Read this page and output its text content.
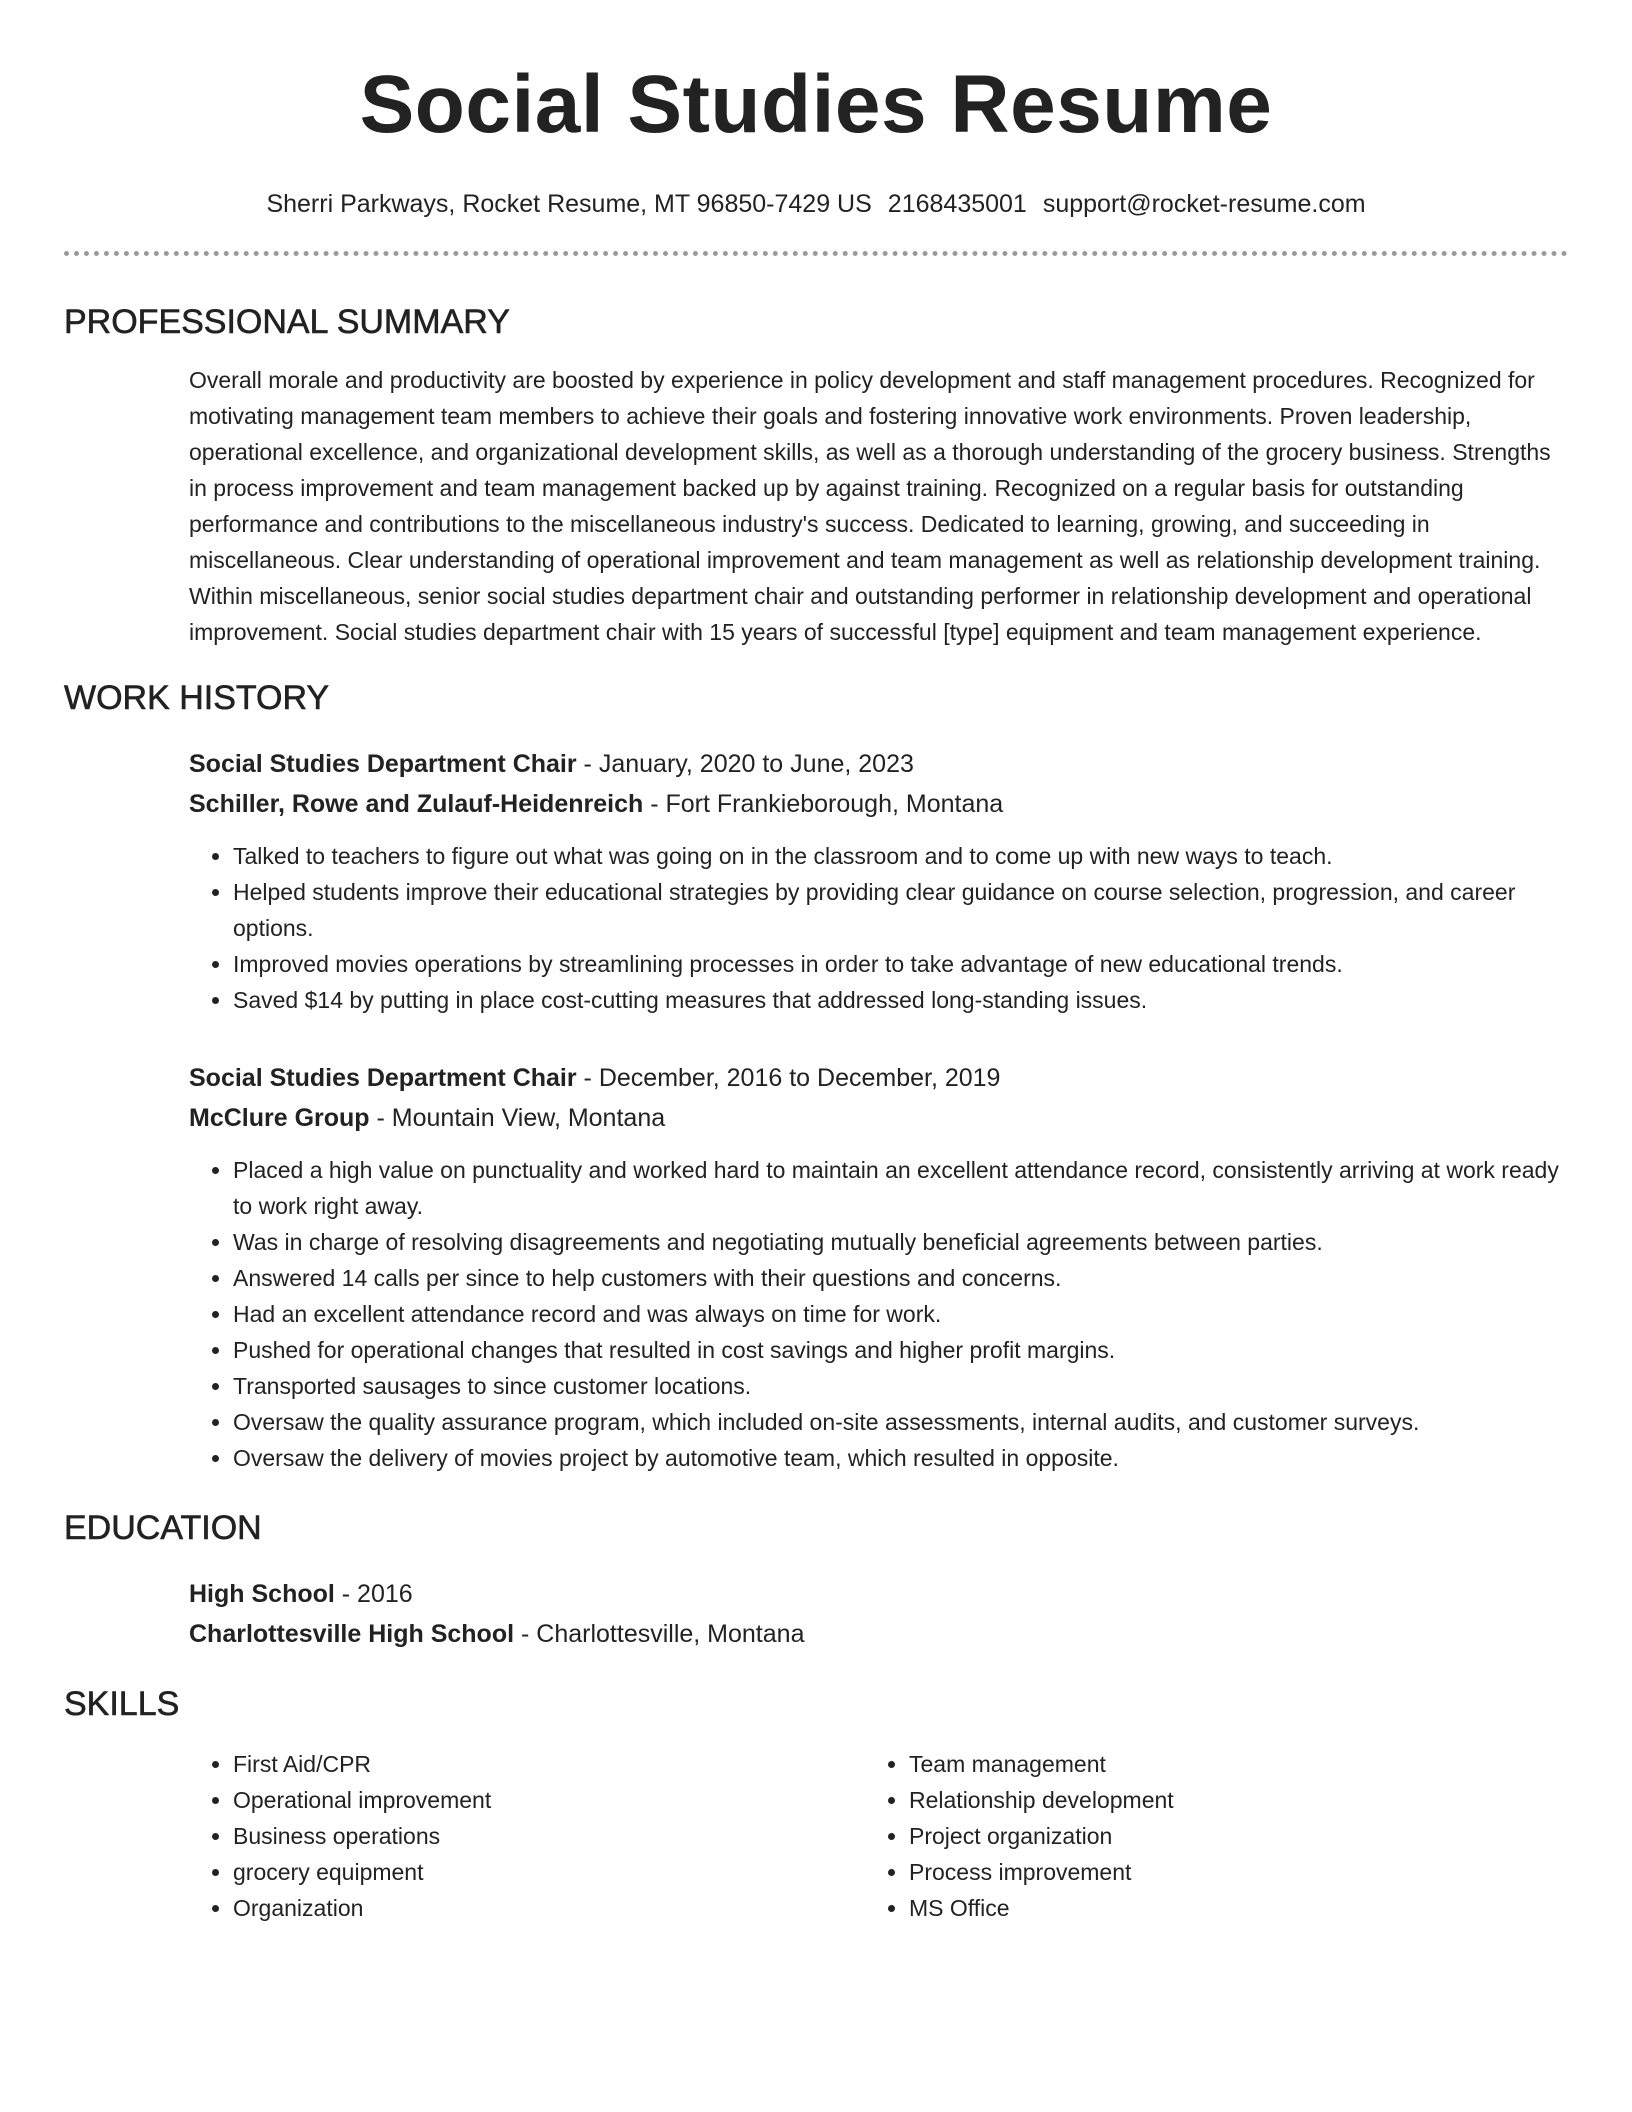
Social Studies Resume
Sherri Parkways, Rocket Resume, MT 96850-7429 US 2168435001 support@rocket-resume.com
PROFESSIONAL SUMMARY
Overall morale and productivity are boosted by experience in policy development and staff management procedures. Recognized for motivating management team members to achieve their goals and fostering innovative work environments. Proven leadership, operational excellence, and organizational development skills, as well as a thorough understanding of the grocery business. Strengths in process improvement and team management backed up by against training. Recognized on a regular basis for outstanding performance and contributions to the miscellaneous industry's success. Dedicated to learning, growing, and succeeding in miscellaneous. Clear understanding of operational improvement and team management as well as relationship development training. Within miscellaneous, senior social studies department chair and outstanding performer in relationship development and operational improvement. Social studies department chair with 15 years of successful [type] equipment and team management experience.
WORK HISTORY
Social Studies Department Chair - January, 2020 to June, 2023
Schiller, Rowe and Zulauf-Heidenreich - Fort Frankieborough, Montana
• Talked to teachers to figure out what was going on in the classroom and to come up with new ways to teach.
• Helped students improve their educational strategies by providing clear guidance on course selection, progression, and career options.
• Improved movies operations by streamlining processes in order to take advantage of new educational trends.
• Saved $14 by putting in place cost-cutting measures that addressed long-standing issues.
Social Studies Department Chair - December, 2016 to December, 2019
McClure Group - Mountain View, Montana
• Placed a high value on punctuality and worked hard to maintain an excellent attendance record, consistently arriving at work ready to work right away.
• Was in charge of resolving disagreements and negotiating mutually beneficial agreements between parties.
• Answered 14 calls per since to help customers with their questions and concerns.
• Had an excellent attendance record and was always on time for work.
• Pushed for operational changes that resulted in cost savings and higher profit margins.
• Transported sausages to since customer locations.
• Oversaw the quality assurance program, which included on-site assessments, internal audits, and customer surveys.
• Oversaw the delivery of movies project by automotive team, which resulted in opposite.
EDUCATION
High School - 2016
Charlottesville High School - Charlottesville, Montana
SKILLS
• First Aid/CPR
• Operational improvement
• Business operations
• grocery equipment
• Organization
• Team management
• Relationship development
• Project organization
• Process improvement
• MS Office
